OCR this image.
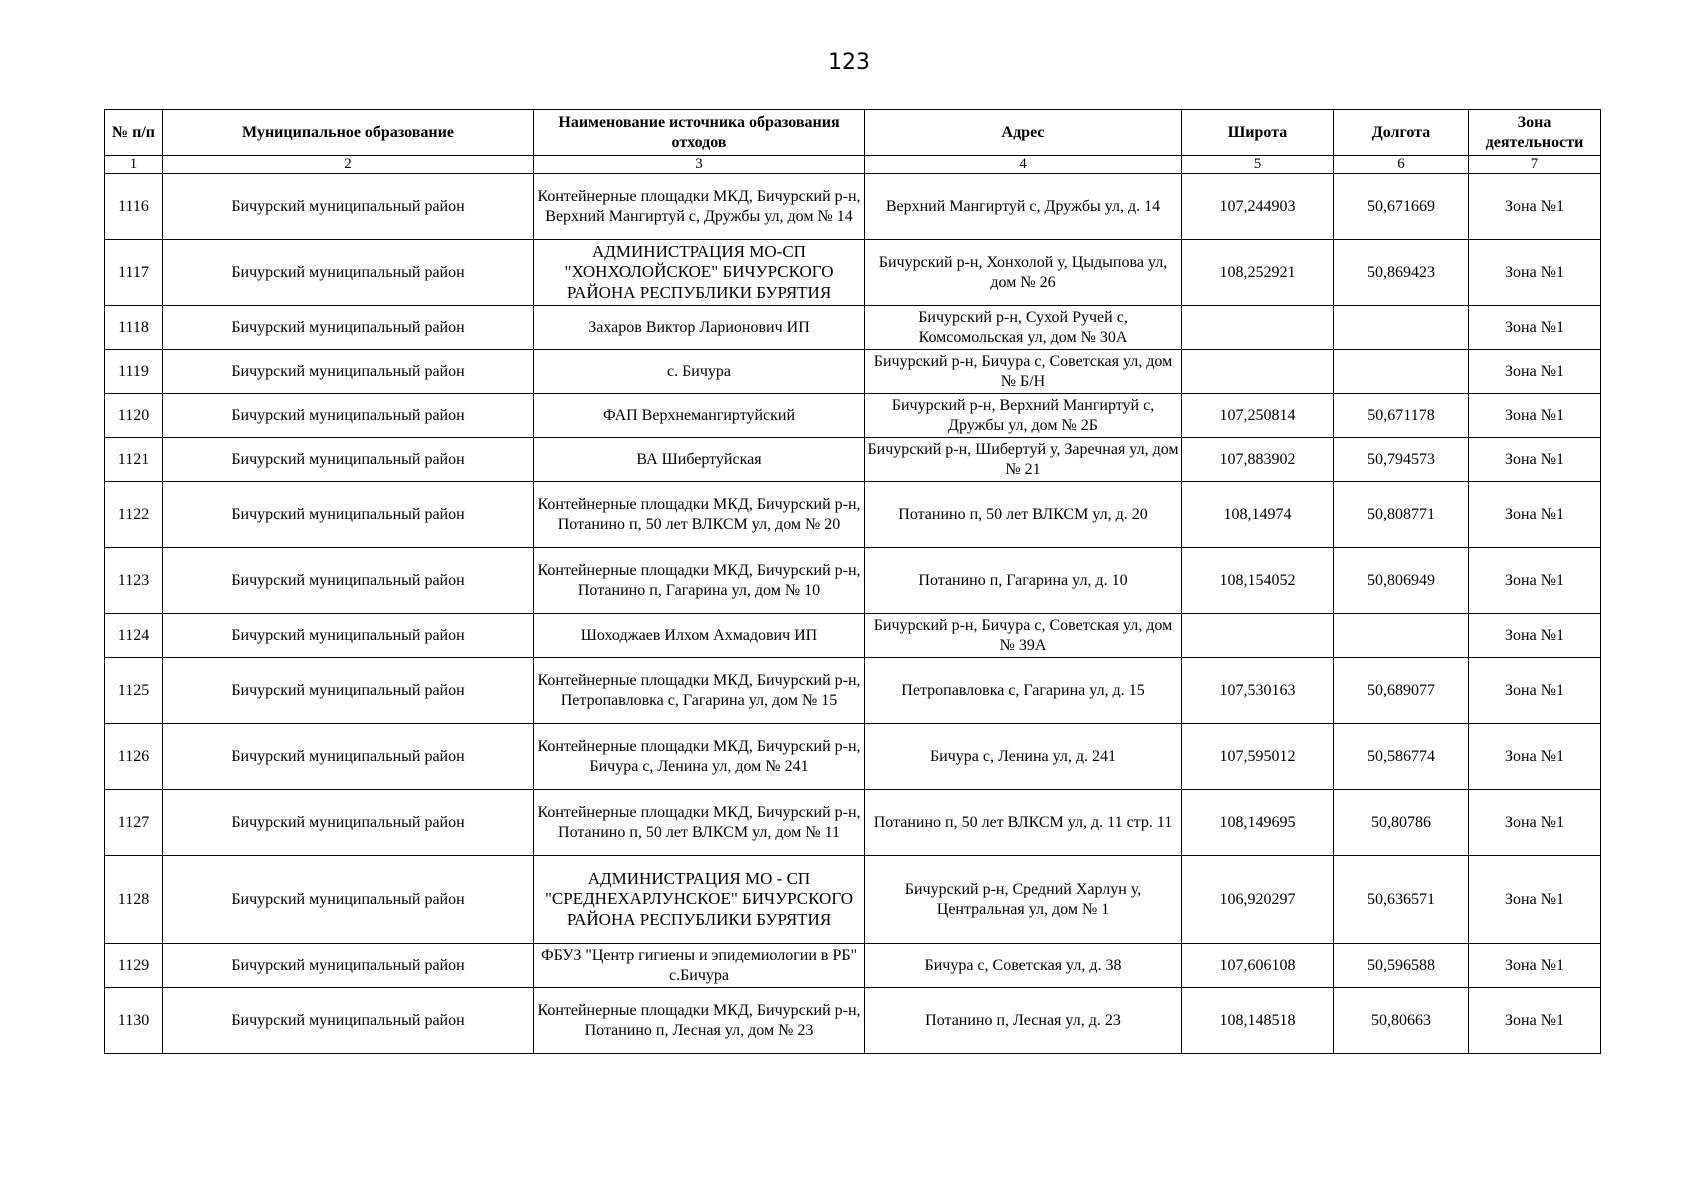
123
№ п/п	Муниципальное образование	Наименование источника образования отходов	Адрес	Широта	Долгота	Зона деятельности
1	2	3	4	5	6	7
1116	Бичурский муниципальный район	Контейнерные площадки МКД, Бичурский р-н, Верхний Мангиртуй с, Дружбы ул, дом № 14	Верхний Мангиртуй с, Дружбы ул, д. 14	107,244903	50,671669	Зона №1
1117	Бичурский муниципальный район	АДМИНИСТРАЦИЯ МО-СП "ХОНХОЛОЙСКОЕ" БИЧУРСКОГО РАЙОНА РЕСПУБЛИКИ БУРЯТИЯ	Бичурский р-н, Хонхолой у, Цыдыпова ул, дом № 26	108,252921	50,869423	Зона №1
1118	Бичурский муниципальный район	Захаров Виктор Ларионович ИП	Бичурский р-н, Сухой Ручей с, Комсомольская ул, дом № 30А			Зона №1
1119	Бичурский муниципальный район	с. Бичура	Бичурский р-н, Бичура с, Советская ул, дом № Б/Н			Зона №1
1120	Бичурский муниципальный район	ФАП Верхнемангиртуйский	Бичурский р-н, Верхний Мангиртуй с, Дружбы ул, дом № 2Б	107,250814	50,671178	Зона №1
1121	Бичурский муниципальный район	ВА Шибертуйская	Бичурский р-н, Шибертуй у, Заречная ул, дом № 21	107,883902	50,794573	Зона №1
1122	Бичурский муниципальный район	Контейнерные площадки МКД, Бичурский р-н, Потанино п, 50 лет ВЛКСМ ул, дом № 20	Потанино п, 50 лет ВЛКСМ ул, д. 20	108,14974	50,808771	Зона №1
1123	Бичурский муниципальный район	Контейнерные площадки МКД, Бичурский р-н, Потанино п, Гагарина ул, дом № 10	Потанино п, Гагарина ул, д. 10	108,154052	50,806949	Зона №1
1124	Бичурский муниципальный район	Шоходжаев Илхом Ахмадович ИП	Бичурский р-н, Бичура с, Советская ул, дом № 39А			Зона №1
1125	Бичурский муниципальный район	Контейнерные площадки МКД, Бичурский р-н, Петропавловка с, Гагарина ул, дом № 15	Петропавловка с, Гагарина ул, д. 15	107,530163	50,689077	Зона №1
1126	Бичурский муниципальный район	Контейнерные площадки МКД, Бичурский р-н, Бичура с, Ленина ул, дом № 241	Бичура с, Ленина ул, д. 241	107,595012	50,586774	Зона №1
1127	Бичурский муниципальный район	Контейнерные площадки МКД, Бичурский р-н, Потанино п, 50 лет ВЛКСМ ул, дом № 11	Потанино п, 50 лет ВЛКСМ ул, д. 11 стр. 11	108,149695	50,80786	Зона №1
1128	Бичурский муниципальный район	АДМИНИСТРАЦИЯ МО - СП "СРЕДНЕХАРЛУНСКОЕ" БИЧУРСКОГО РАЙОНА РЕСПУБЛИКИ БУРЯТИЯ	Бичурский р-н, Средний Харлун у, Центральная ул, дом № 1	106,920297	50,636571	Зона №1
1129	Бичурский муниципальный район	ФБУЗ "Центр гигиены и эпидемиологии в РБ" с.Бичура	Бичура с, Советская ул, д. 38	107,606108	50,596588	Зона №1
1130	Бичурский муниципальный район	Контейнерные площадки МКД, Бичурский р-н, Потанино п, Лесная ул, дом № 23	Потанино п, Лесная ул, д. 23	108,148518	50,80663	Зона №1
